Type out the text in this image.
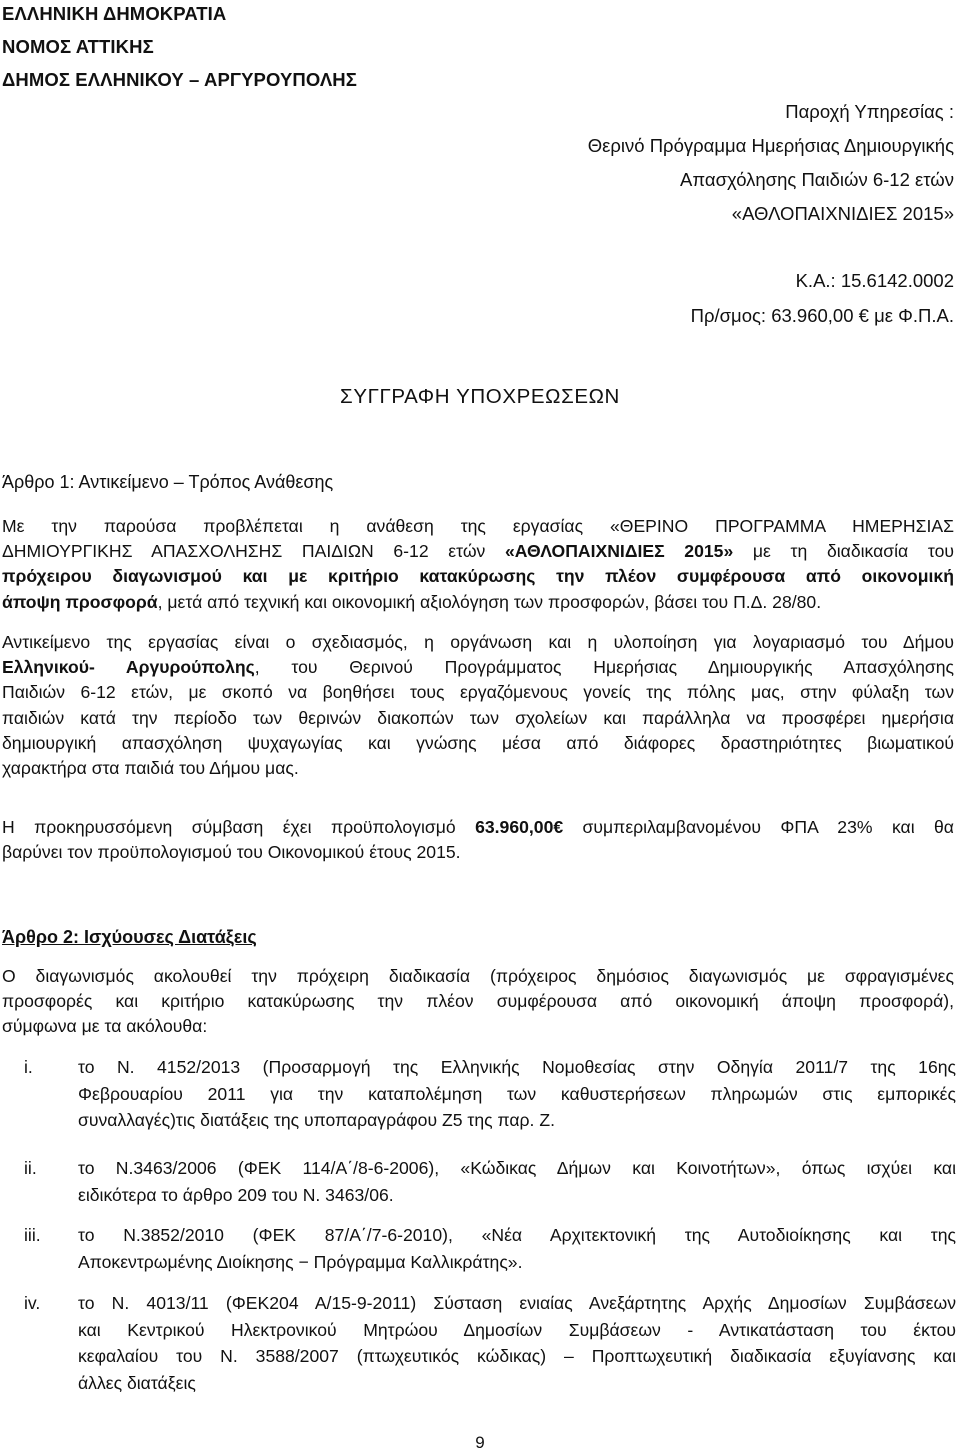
ΕΛΛΗΝΙΚΗ ΔΗΜΟΚΡΑΤΙΑ
ΝΟΜΟΣ ΑΤΤΙΚΗΣ
ΔΗΜΟΣ ΕΛΛΗΝΙΚΟΥ – ΑΡΓΥΡΟΥΠΟΛΗΣ
Παροχή Υπηρεσίας :
Θερινό Πρόγραμμα Ημερήσιας Δημιουργικής
Απασχόλησης Παιδιών 6-12 ετών
«ΑΘΛΟΠΑΙΧΝΙΔΙΕΣ 2015»
Κ.Α.: 15.6142.0002
Πρ/σμος: 63.960,00 € με Φ.Π.Α.
ΣΥΓΓΡΑΦΗ ΥΠΟΧΡΕΩΣΕΩΝ
Άρθρο 1: Αντικείμενο – Τρόπος Ανάθεσης
Με την παρούσα προβλέπεται η ανάθεση της εργασίας «ΘΕΡΙΝΟ ΠΡΟΓΡΑΜΜΑ ΗΜΕΡΗΣΙΑΣ
ΔΗΜΙΟΥΡΓΙΚΗΣ ΑΠΑΣΧΟΛΗΣΗΣ ΠΑΙΔΙΩΝ 6-12 ετών «ΑΘΛΟΠΑΙΧΝΙΔΙΕΣ 2015» με τη διαδικασία του
πρόχειρου διαγωνισμού και με κριτήριο κατακύρωσης την πλέον συμφέρουσα από οικονομική
άποψη προσφορά, μετά από τεχνική και οικονομική αξιολόγηση των προσφορών, βάσει του Π.Δ. 28/80.
Αντικείμενο της εργασίας είναι ο σχεδιασμός, η οργάνωση και η υλοποίηση για λογαριασμό του Δήμου
Ελληνικού- Αργυρούπολης, του Θερινού Προγράμματος Ημερήσιας Δημιουργικής Απασχόλησης
Παιδιών 6-12 ετών, με σκοπό να βοηθήσει τους εργαζόμενους γονείς της πόλης μας, στην φύλαξη των
παιδιών κατά την περίοδο των θερινών διακοπών των σχολείων και παράλληλα να προσφέρει ημερήσια
δημιουργική απασχόληση ψυχαγωγίας και γνώσης μέσα από διάφορες δραστηριότητες βιωματικού
χαρακτήρα στα παιδιά του Δήμου μας.
Η προκηρυσσόμενη σύμβαση έχει προϋπολογισμό 63.960,00€ συμπεριλαμβανομένου ΦΠΑ 23% και θα
βαρύνει τον προϋπολογισμού του Οικονομικού έτους 2015.
Άρθρο 2: Ισχύουσες Διατάξεις
Ο διαγωνισμός ακολουθεί την πρόχειρη διαδικασία (πρόχειρος δημόσιος διαγωνισμός με σφραγισμένες
προσφορές και κριτήριο κατακύρωσης την πλέον συμφέρουσα από οικονομική άποψη προσφορά),
σύμφωνα με τα ακόλουθα:
i.	το Ν. 4152/2013 (Προσαρμογή της Ελληνικής Νομοθεσίας στην Οδηγία 2011/7 της 16ης
Φεβρουαρίου 2011 για την καταπολέμηση των καθυστερήσεων πληρωμών στις εμπορικές
συναλλαγές)τις διατάξεις της υποπαραγράφου Ζ5 της παρ. Ζ.
ii. το Ν.3463/2006 (ΦΕΚ 114/Α΄/8-6-2006), «Κώδικας Δήμων και Κοινοτήτων», όπως ισχύει και
ειδικότερα το άρθρο 209 του Ν. 3463/06.
iii. το Ν.3852/2010 (ΦΕΚ 87/Α΄/7-6-2010), «Νέα Αρχιτεκτονική της Αυτοδιοίκησης και της
Αποκεντρωμένης Διοίκησης − Πρόγραμμα Καλλικράτης».
iv. το Ν. 4013/11 (ΦΕΚ204 Α/15-9-2011) Σύσταση ενιαίας Ανεξάρτητης Αρχής Δημοσίων Συμβάσεων
και Κεντρικού Ηλεκτρονικού Μητρώου Δημοσίων Συμβάσεων - Αντικατάσταση του έκτου
κεφαλαίου του Ν. 3588/2007 (πτωχευτικός κώδικας) – Προπτωχευτική διαδικασία εξυγίανσης και
άλλες διατάξεις
9
